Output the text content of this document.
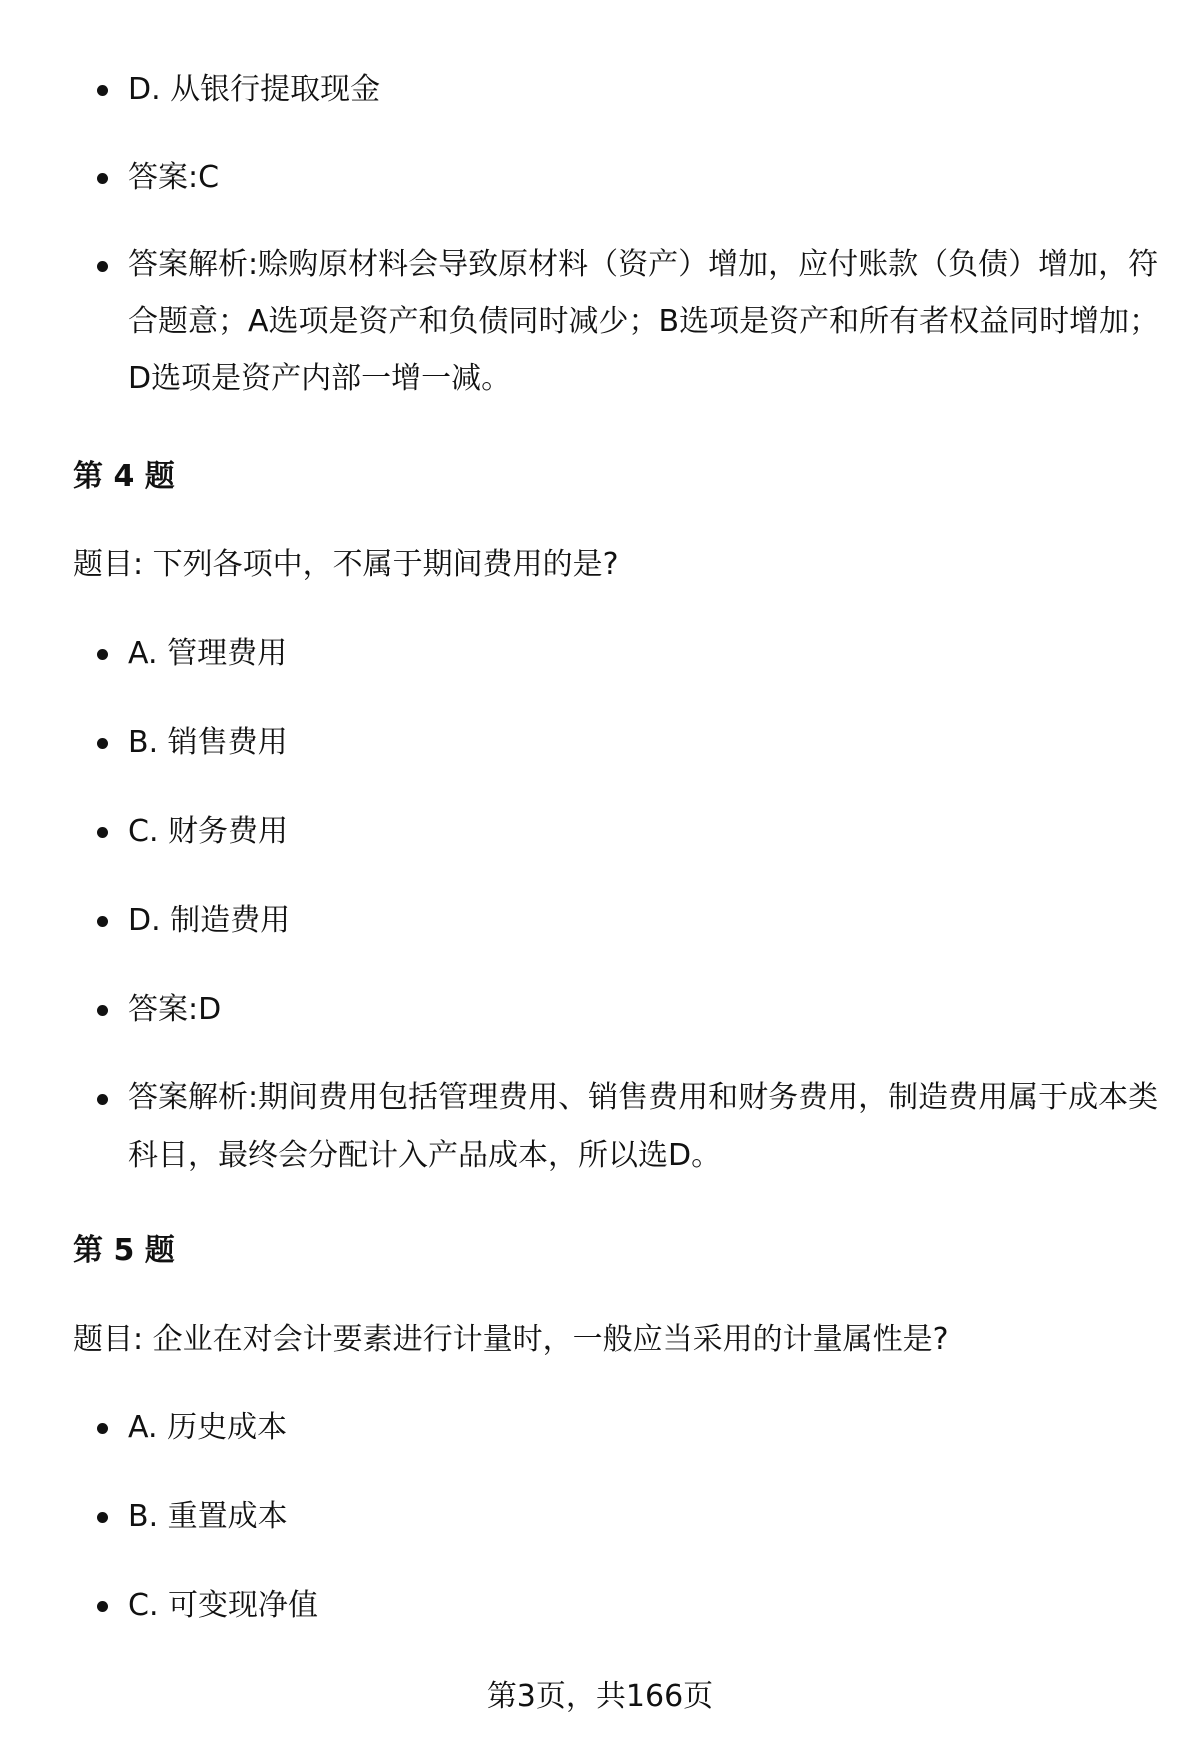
D. 从银行提取现金
答案:C
答案解析:赊购原材料会导致原材料（资产）增加，应付账款（负债）增加，符合题意；A选项是资产和负债同时减少；B选项是资产和所有者权益同时增加；D选项是资产内部一增一减。
第 4 题
题目: 下列各项中，不属于期间费用的是?
A. 管理费用
B. 销售费用
C. 财务费用
D. 制造费用
答案:D
答案解析:期间费用包括管理费用、销售费用和财务费用，制造费用属于成本类科目，最终会分配计入产品成本，所以选D。
第 5 题
题目: 企业在对会计要素进行计量时，一般应当采用的计量属性是?
A. 历史成本
B. 重置成本
C. 可变现净值
第3页，共166页
